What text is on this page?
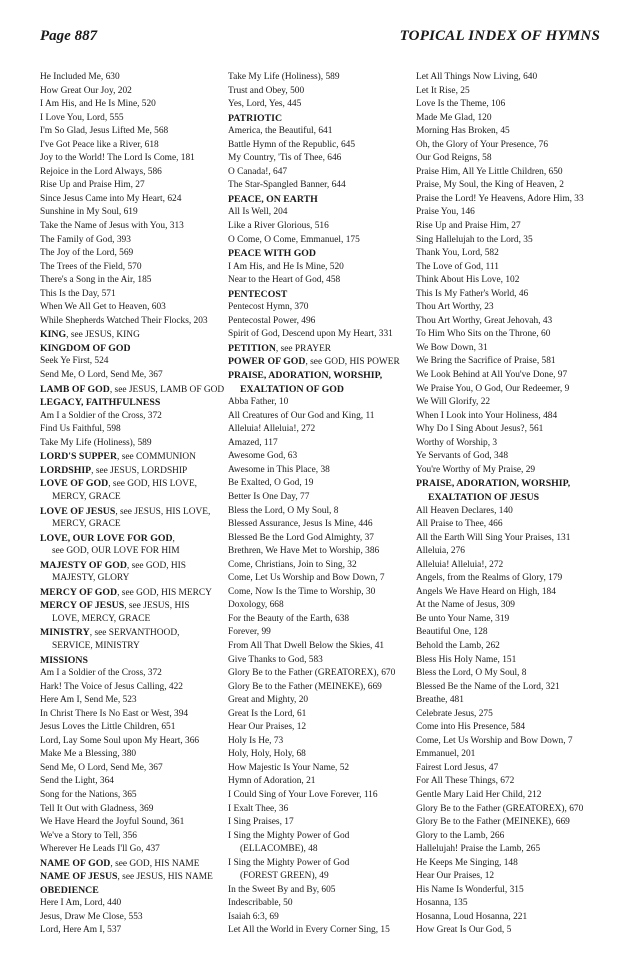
Page 887	TOPICAL INDEX OF HYMNS
He Included Me, 630
How Great Our Joy, 202
I Am His, and He Is Mine, 520
I Love You, Lord, 555
I'm So Glad, Jesus Lifted Me, 568
I've Got Peace like a River, 618
Joy to the World! The Lord Is Come, 181
Rejoice in the Lord Always, 586
Rise Up and Praise Him, 27
Since Jesus Came into My Heart, 624
Sunshine in My Soul, 619
Take the Name of Jesus with You, 313
The Family of God, 393
The Joy of the Lord, 569
The Trees of the Field, 570
There's a Song in the Air, 185
This Is the Day, 571
When We All Get to Heaven, 603
While Shepherds Watched Their Flocks, 203
KING, see JESUS, KING
KINGDOM OF GOD
Seek Ye First, 524
Send Me, O Lord, Send Me, 367
LAMB OF GOD, see JESUS, LAMB OF GOD
LEGACY, FAITHFULNESS
Am I a Soldier of the Cross, 372
Find Us Faithful, 598
Take My Life (Holiness), 589
LORD'S SUPPER, see COMMUNION
LORDSHIP, see JESUS, LORDSHIP
LOVE OF GOD, see GOD, HIS LOVE,
MERCY, GRACE
LOVE OF JESUS, see JESUS, HIS LOVE,
MERCY, GRACE
LOVE, OUR LOVE FOR GOD,
see GOD, OUR LOVE FOR HIM
MAJESTY OF GOD, see GOD, HIS
MAJESTY, GLORY
MERCY OF GOD, see GOD, HIS MERCY
MERCY OF JESUS, see JESUS, HIS
LOVE, MERCY, GRACE
MINISTRY, see SERVANTHOOD,
SERVICE, MINISTRY
MISSIONS
Am I a Soldier of the Cross, 372
Hark! The Voice of Jesus Calling, 422
Here Am I, Send Me, 523
In Christ There Is No East or West, 394
Jesus Loves the Little Children, 651
Lord, Lay Some Soul upon My Heart, 366
Make Me a Blessing, 380
Send Me, O Lord, Send Me, 367
Send the Light, 364
Song for the Nations, 365
Tell It Out with Gladness, 369
We Have Heard the Joyful Sound, 361
We've a Story to Tell, 356
Wherever He Leads I'll Go, 437
NAME OF GOD, see GOD, HIS NAME
NAME OF JESUS, see JESUS, HIS NAME
OBEDIENCE
Here I Am, Lord, 440
Jesus, Draw Me Close, 553
Lord, Here Am I, 537
Take My Life (Holiness), 589
Trust and Obey, 500
Yes, Lord, Yes, 445
PATRIOTIC
America, the Beautiful, 641
Battle Hymn of the Republic, 645
My Country, 'Tis of Thee, 646
O Canada!, 647
The Star-Spangled Banner, 644
PEACE, ON EARTH
All Is Well, 204
Like a River Glorious, 516
O Come, O Come, Emmanuel, 175
PEACE WITH GOD
I Am His, and He Is Mine, 520
Near to the Heart of God, 458
PENTECOST
Pentecost Hymn, 370
Pentecostal Power, 496
Spirit of God, Descend upon My Heart, 331
PETITION, see PRAYER
POWER OF GOD, see GOD, HIS POWER
PRAISE, ADORATION, WORSHIP,
EXALTATION OF GOD
Abba Father, 10
All Creatures of Our God and King, 11
Alleluia! Alleluia!, 272
Amazed, 117
Awesome God, 63
Awesome in This Place, 38
Be Exalted, O God, 19
Better Is One Day, 77
Bless the Lord, O My Soul, 8
Blessed Assurance, Jesus Is Mine, 446
Blessed Be the Lord God Almighty, 37
Brethren, We Have Met to Worship, 386
Come, Christians, Join to Sing, 32
Come, Let Us Worship and Bow Down, 7
Come, Now Is the Time to Worship, 30
Doxology, 668
For the Beauty of the Earth, 638
Forever, 99
From All That Dwell Below the Skies, 41
Give Thanks to God, 583
Glory Be to the Father (GREATOREX), 670
Glory Be to the Father (MEINEKE), 669
Great and Mighty, 20
Great Is the Lord, 61
Hear Our Praises, 12
Holy Is He, 73
Holy, Holy, Holy, 68
How Majestic Is Your Name, 52
Hymn of Adoration, 21
I Could Sing of Your Love Forever, 116
I Exalt Thee, 36
I Sing Praises, 17
I Sing the Mighty Power of God
(ELLACOMBE), 48
I Sing the Mighty Power of God
(FOREST GREEN), 49
In the Sweet By and By, 605
Indescribable, 50
Isaiah 6:3, 69
Let All the World in Every Corner Sing, 15
Let All Things Now Living, 640
Let It Rise, 25
Love Is the Theme, 106
Made Me Glad, 120
Morning Has Broken, 45
Oh, the Glory of Your Presence, 76
Our God Reigns, 58
Praise Him, All Ye Little Children, 650
Praise, My Soul, the King of Heaven, 2
Praise the Lord! Ye Heavens, Adore Him, 33
Praise You, 146
Rise Up and Praise Him, 27
Sing Hallelujah to the Lord, 35
Thank You, Lord, 582
The Love of God, 111
Think About His Love, 102
This Is My Father's World, 46
Thou Art Worthy, 23
Thou Art Worthy, Great Jehovah, 43
To Him Who Sits on the Throne, 60
We Bow Down, 31
We Bring the Sacrifice of Praise, 581
We Look Behind at All You've Done, 97
We Praise You, O God, Our Redeemer, 9
We Will Glorify, 22
When I Look into Your Holiness, 484
Why Do I Sing About Jesus?, 561
Worthy of Worship, 3
Ye Servants of God, 348
You're Worthy of My Praise, 29
PRAISE, ADORATION, WORSHIP,
EXALTATION OF JESUS
All Heaven Declares, 140
All Praise to Thee, 466
All the Earth Will Sing Your Praises, 131
Alleluia, 276
Alleluia! Alleluia!, 272
Angels, from the Realms of Glory, 179
Angels We Have Heard on High, 184
At the Name of Jesus, 309
Be unto Your Name, 319
Beautiful One, 128
Behold the Lamb, 262
Bless His Holy Name, 151
Bless the Lord, O My Soul, 8
Blessed Be the Name of the Lord, 321
Breathe, 481
Celebrate Jesus, 275
Come into His Presence, 584
Come, Let Us Worship and Bow Down, 7
Emmanuel, 201
Fairest Lord Jesus, 47
For All These Things, 672
Gentle Mary Laid Her Child, 212
Glory Be to the Father (GREATOREX), 670
Glory Be to the Father (MEINEKE), 669
Glory to the Lamb, 266
Hallelujah! Praise the Lamb, 265
He Keeps Me Singing, 148
Hear Our Praises, 12
His Name Is Wonderful, 315
Hosanna, 135
Hosanna, Loud Hosanna, 221
How Great Is Our God, 5
